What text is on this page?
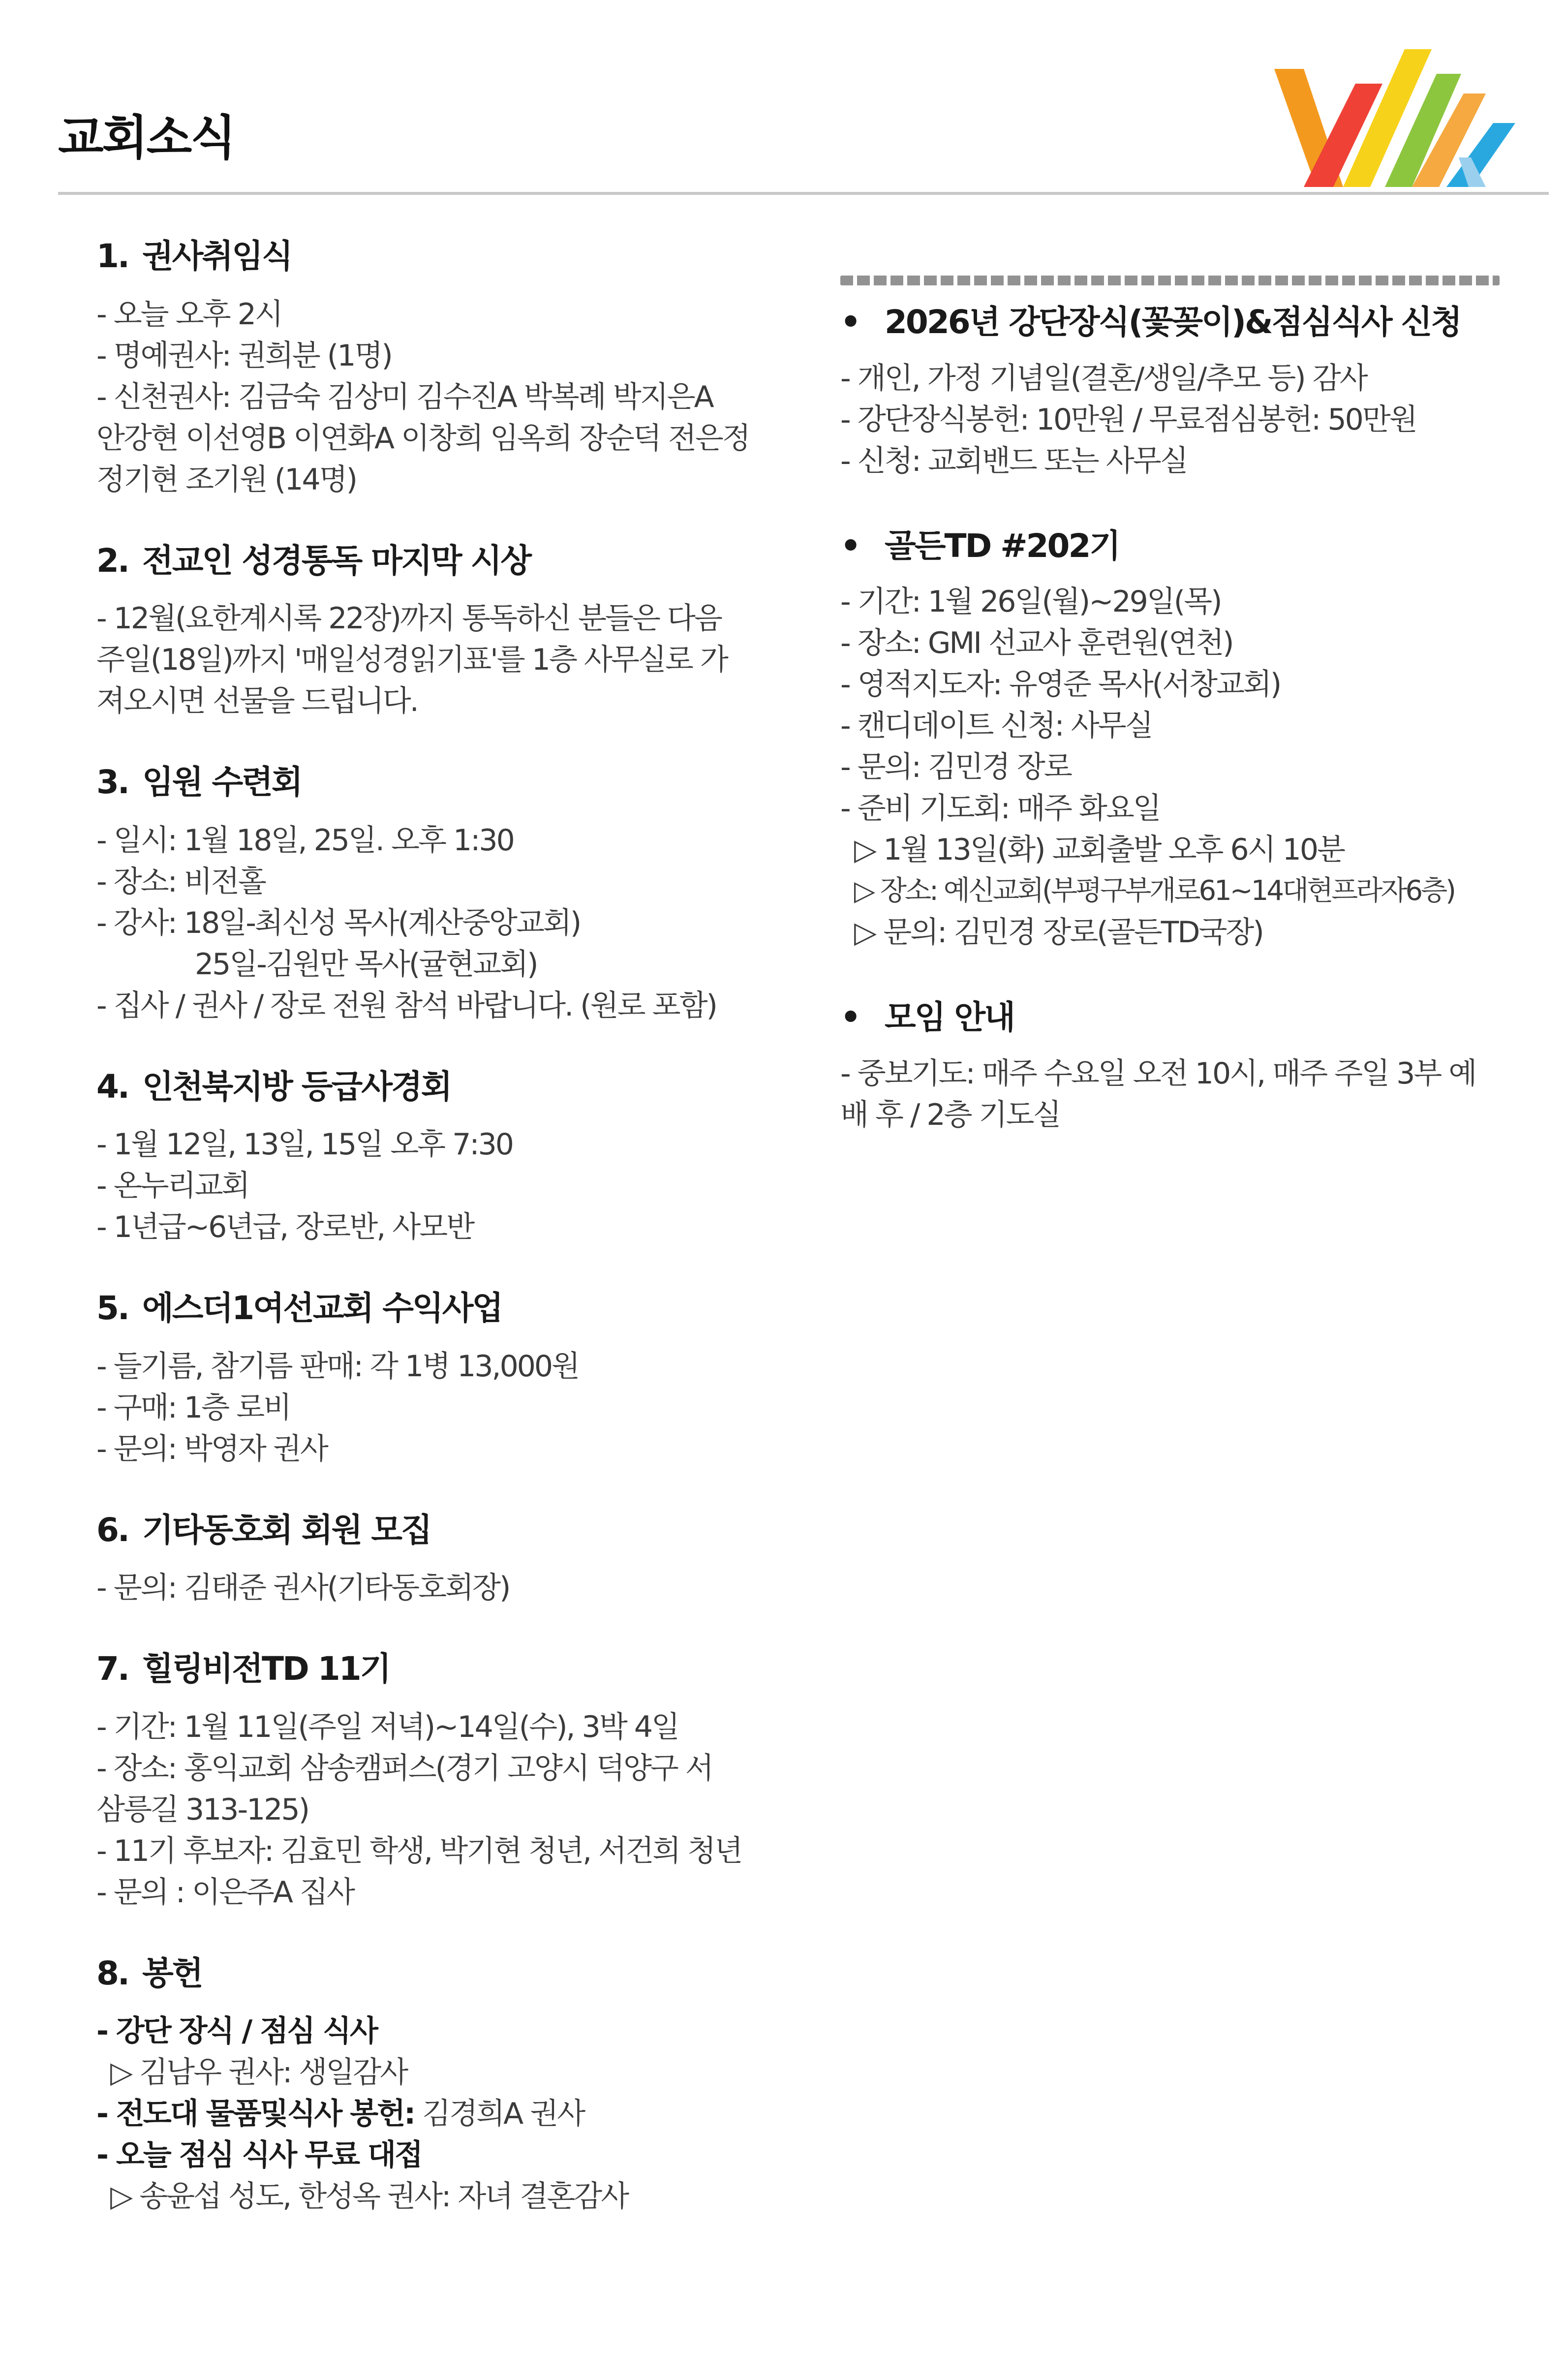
교회소식
1. 권사취임식
- 오늘 오후 2시
- 명예권사: 권희분 (1명)
- 신천권사: 김금숙 김상미 김수진A 박복례 박지은A
안강현 이선영B 이연화A 이창희 임옥희 장순덕 전은정
정기현 조기원 (14명)
2. 전교인 성경통독 마지막 시상
- 12월(요한계시록 22장)까지 통독하신 분들은 다음
주일(18일)까지 '매일성경읽기표'를 1층 사무실로 가
져오시면 선물을 드립니다.
3. 임원 수련회
- 일시: 1월 18일, 25일. 오후 1:30
- 장소: 비전홀
- 강사: 18일-최신성 목사(계산중앙교회)
25일-김원만 목사(귤현교회)
- 집사 / 권사 / 장로 전원 참석 바랍니다. (원로 포함)
4. 인천북지방 등급사경회
- 1월 12일, 13일, 15일 오후 7:30
- 온누리교회
- 1년급~6년급, 장로반, 사모반
5. 에스더1여선교회 수익사업
- 들기름, 참기름 판매: 각 1병 13,000원
- 구매: 1층 로비
- 문의: 박영자 권사
6. 기타동호회 회원 모집
- 문의: 김태준 권사(기타동호회장)
7. 힐링비전TD 11기
- 기간: 1월 11일(주일 저녁)~14일(수), 3박 4일
- 장소: 홍익교회 삼송캠퍼스(경기 고양시 덕양구 서
삼릉길 313-125)
- 11기 후보자: 김효민 학생, 박기현 청년, 서건희 청년
- 문의 : 이은주A 집사
8. 봉헌
- 강단 장식 / 점심 식사
▷ 김남우 권사: 생일감사
- 전도대 물품및식사 봉헌: 김경희A 권사
- 오늘 점심 식사 무료 대접
▷ 송윤섭 성도, 한성옥 권사: 자녀 결혼감사
• 2026년 강단장식(꽃꽂이)&점심식사 신청
- 개인, 가정 기념일(결혼/생일/추모 등) 감사
- 강단장식봉헌: 10만원 / 무료점심봉헌: 50만원
- 신청: 교회밴드 또는 사무실
• 골든TD #202기
- 기간: 1월 26일(월)~29일(목)
- 장소: GMI 선교사 훈련원(연천)
- 영적지도자: 유영준 목사(서창교회)
- 캔디데이트 신청: 사무실
- 문의: 김민경 장로
- 준비 기도회: 매주 화요일
▷ 1월 13일(화) 교회출발 오후 6시 10분
▷ 장소: 예신교회(부평구부개로61~14대현프라자6층)
▷ 문의: 김민경 장로(골든TD국장)
• 모임 안내
- 중보기도: 매주 수요일 오전 10시, 매주 주일 3부 예
배 후 / 2층 기도실
